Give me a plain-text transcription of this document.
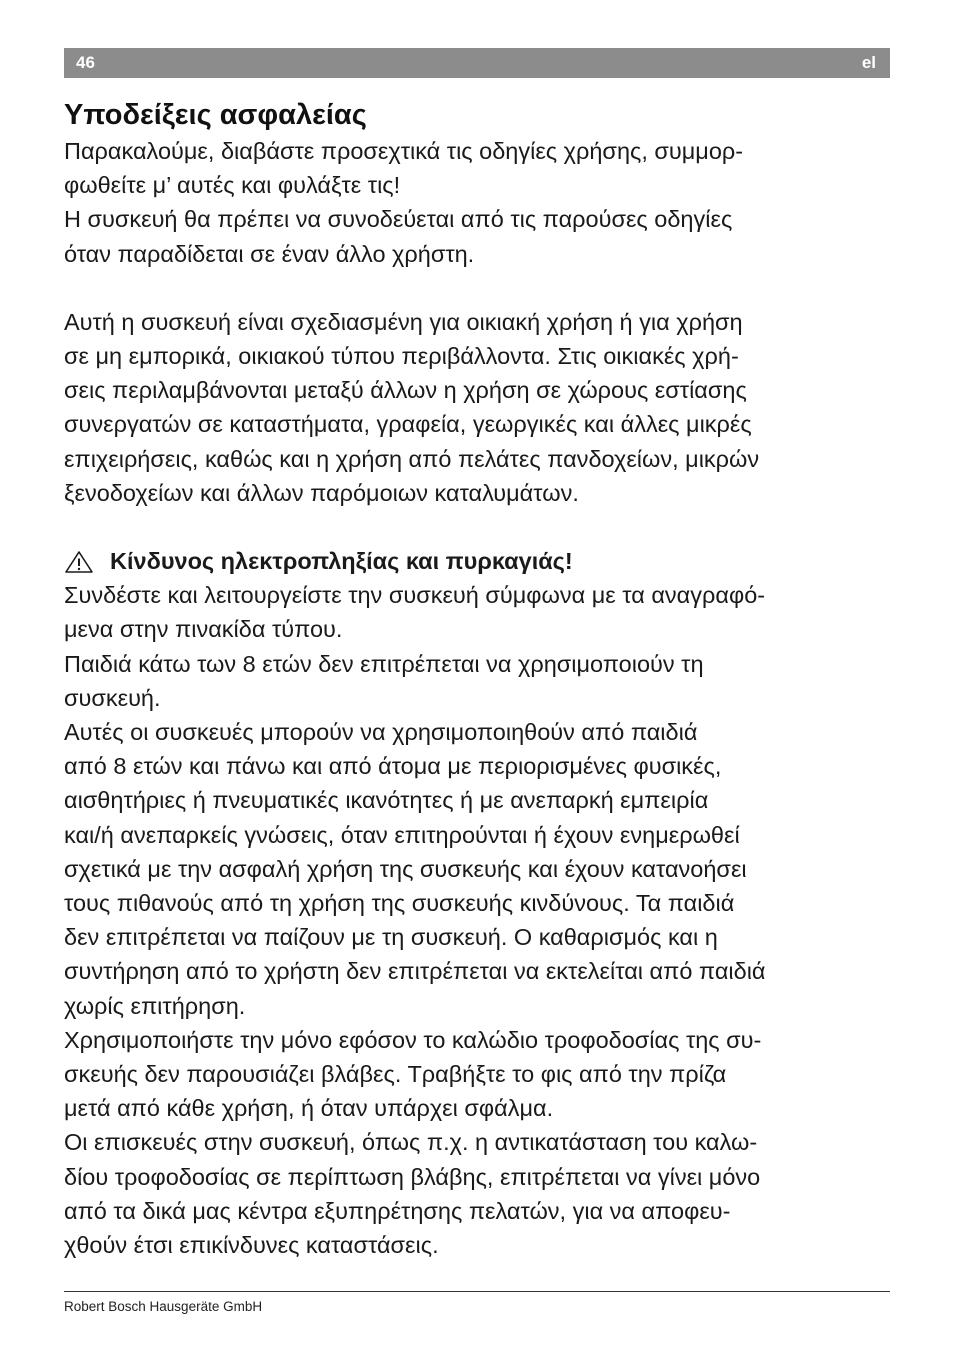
46	el
Υποδείξεις ασφαλείας

Παρακαλούμε, διαβάστε προσεχτικά τις οδηγίες χρήσης, συμμορ-
φωθείτε μ’ αυτές και φυλάξτε τις!

Η συσκευή θα πρέπει να συνοδεύεται από τις παρούσες οδηγίες
όταν παραδίδεται σε έναν άλλο χρήστη.

Αυτή η συσκευή είναι σχεδιασμένη για οικιακή χρήση ή για χρήση
σε μη εμπορικά, οικιακού τύπου περιβάλλοντα. Στις οικιακές χρή-
σεις περιλαμβάνονται μεταξύ άλλων η χρήση σε χώρους εστίασης
συνεργατών σε καταστήματα, γραφεία, γεωργικές και άλλες μικρές
επιχειρήσεις, καθώς και η χρήση από πελάτες πανδοχείων, μικρών
ξενοδοχείων και άλλων παρόμοιων καταλυμάτων.

Κίνδυνος ηλεκτροπληξίας και πυρκαγιάς!

Συνδέστε και λειτουργείστε την συσκευή σύμφωνα με τα αναγραφό-
μενα στην πινακίδα τύπου.

Παιδιά κάτω των 8 ετών δεν επιτρέπεται να χρησιμοποιούν τη
συσκευή.

Αυτές οι συσκευές μπορούν να χρησιμοποιηθούν από παιδιά
από 8 ετών και πάνω και από άτομα με περιορισμένες φυσικές,
αισθητήριες ή πνευματικές ικανότητες ή με ανεπαρκή εμπειρία
και/ή ανεπαρκείς γνώσεις, όταν επιτηρούνται ή έχουν ενημερωθεί
σχετικά με την ασφαλή χρήση της συσκευής και έχουν κατανοήσει
τους πιθανούς από τη χρήση της συσκευής κινδύνους. Τα παιδιά
δεν επιτρέπεται να παίζουν με τη συσκευή. Ο καθαρισμός και η
συντήρηση από το χρήστη δεν επιτρέπεται να εκτελείται από παιδιά
χωρίς επιτήρηση.

Χρησιμοποιήστε την μόνο εφόσον το καλώδιο τροφοδοσίας της συ-
σκευής δεν παρουσιάζει βλάβες. Τραβήξτε το φις από την πρίζα
μετά από κάθε χρήση, ή όταν υπάρχει σφάλμα.

Οι επισκευές στην συσκευή, όπως π.χ. η αντικατάσταση του καλω-
δίου τροφοδοσίας σε περίπτωση βλάβης, επιτρέπεται να γίνει μόνο
από τα δικά μας κέντρα εξυπηρέτησης πελατών, για να αποφευ-
χθούν έτσι επικίνδυνες καταστάσεις.

Robert Bosch Hausgeräte GmbH
